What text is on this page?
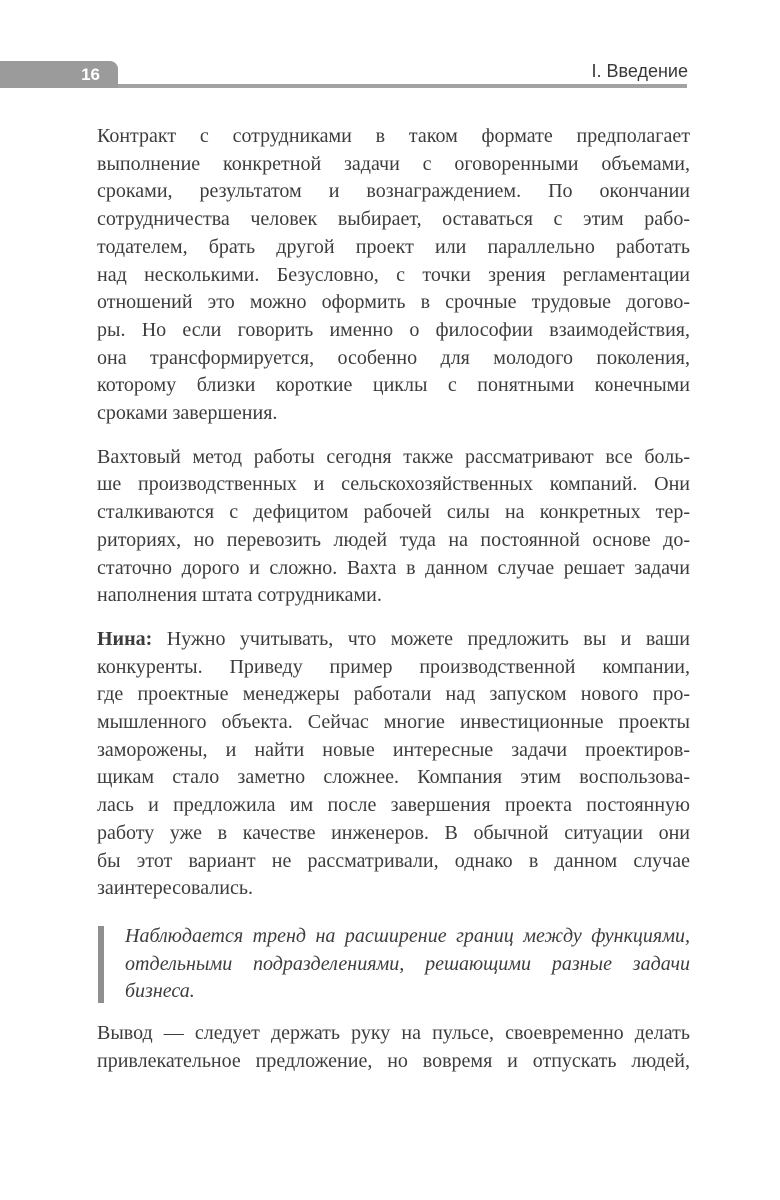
16	I. Введение
Контракт с сотрудниками в таком формате предполагает
выполнение конкретной задачи с оговоренными объемами,
сроками, результатом и вознаграждением. По окончании
сотрудничества человек выбирает, оставаться с этим рабо-
тодателем, брать другой проект или параллельно работать
над несколькими. Безусловно, с точки зрения регламентации
отношений это можно оформить в срочные трудовые догово-
ры. Но если говорить именно о философии взаимодействия,
она трансформируется, особенно для молодого поколения,
которому близки короткие циклы с понятными конечными
сроками завершения.
Вахтовый метод работы сегодня также рассматривают все боль-
ше производственных и сельскохозяйственных компаний. Они
сталкиваются с дефицитом рабочей силы на конкретных тер-
риториях, но перевозить людей туда на постоянной основе до-
статочно дорого и сложно. Вахта в данном случае решает задачи
наполнения штата сотрудниками.
Нина: Нужно учитывать, что можете предложить вы и ваши
конкуренты. Приведу пример производственной компании,
где проектные менеджеры работали над запуском нового про-
мышленного объекта. Сейчас многие инвестиционные проекты
заморожены, и найти новые интересные задачи проектиров-
щикам стало заметно сложнее. Компания этим воспользова-
лась и предложила им после завершения проекта постоянную
работу уже в качестве инженеров. В обычной ситуации они
бы этот вариант не рассматривали, однако в данном случае
заинтересовались.
Наблюдается тренд на расширение границ между функциями,
отдельными подразделениями, решающими разные задачи
бизнеса.
Вывод — следует держать руку на пульсе, своевременно делать
привлекательное предложение, но вовремя и отпускать людей,
